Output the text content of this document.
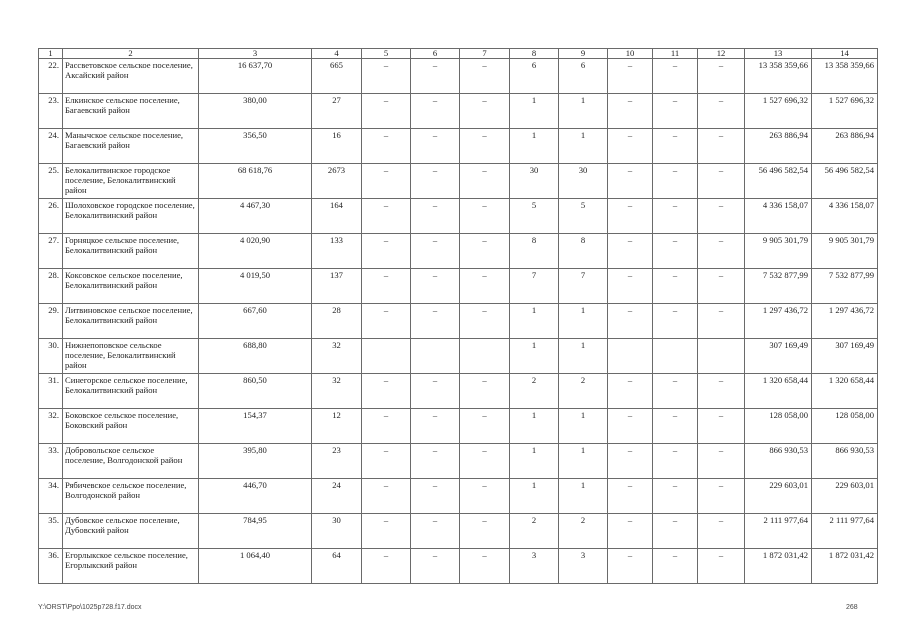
1	2	3	4	5	6	7	8	9	10	11	12	13	14
22.	Рассветовское сельское поселение, Аксайский район	16 637,70	665	–	–	–	6	6	–	–	–	13 358 359,66	13 358 359,66
23.	Елкинское сельское поселение, Багаевский район	380,00	27	–	–	–	1	1	–	–	–	1 527 696,32	1 527 696,32
24.	Манычское сельское поселение, Багаевский район	356,50	16	–	–	–	1	1	–	–	–	263 886,94	263 886,94
25.	Белокалитвинское городское поселение, Белокалитвинский район	68 618,76	2673	–	–	–	30	30	–	–	–	56 496 582,54	56 496 582,54
26.	Шолоховское городское поселение, Белокалитвинский район	4 467,30	164	–	–	–	5	5	–	–	–	4 336 158,07	4 336 158,07
27.	Горняцкое сельское поселение, Белокалитвинский район	4 020,90	133	–	–	–	8	8	–	–	–	9 905 301,79	9 905 301,79
28.	Коксовское сельское поселение, Белокалитвинский район	4 019,50	137	–	–	–	7	7	–	–	–	7 532 877,99	7 532 877,99
29.	Литвиновское сельское поселение, Белокалитвинский район	667,60	28	–	–	–	1	1	–	–	–	1 297 436,72	1 297 436,72
30.	Нижнепоповское сельское поселение, Белокалитвинский район	688,80	32				1	1				307 169,49	307 169,49
31.	Синегорское сельское поселение, Белокалитвинский район	860,50	32	–	–	–	2	2	–	–	–	1 320 658,44	1 320 658,44
32.	Боковское сельское поселение, Боковский район	154,37	12	–	–	–	1	1	–	–	–	128 058,00	128 058,00
33.	Добровольское сельское поселение, Волгодонской район	395,80	23	–	–	–	1	1	–	–	–	866 930,53	866 930,53
34.	Рябичевское сельское поселение, Волгодонской район	446,70	24	–	–	–	1	1	–	–	–	229 603,01	229 603,01
35.	Дубовское сельское поселение, Дубовский район	784,95	30	–	–	–	2	2	–	–	–	2 111 977,64	2 111 977,64
36.	Егорлыкское сельское поселение, Егорлыкский район	1 064,40	64	–	–	–	3	3	–	–	–	1 872 031,42	1 872 031,42
Y:\ORST\Ppo\1025p728.f17.docx	268
